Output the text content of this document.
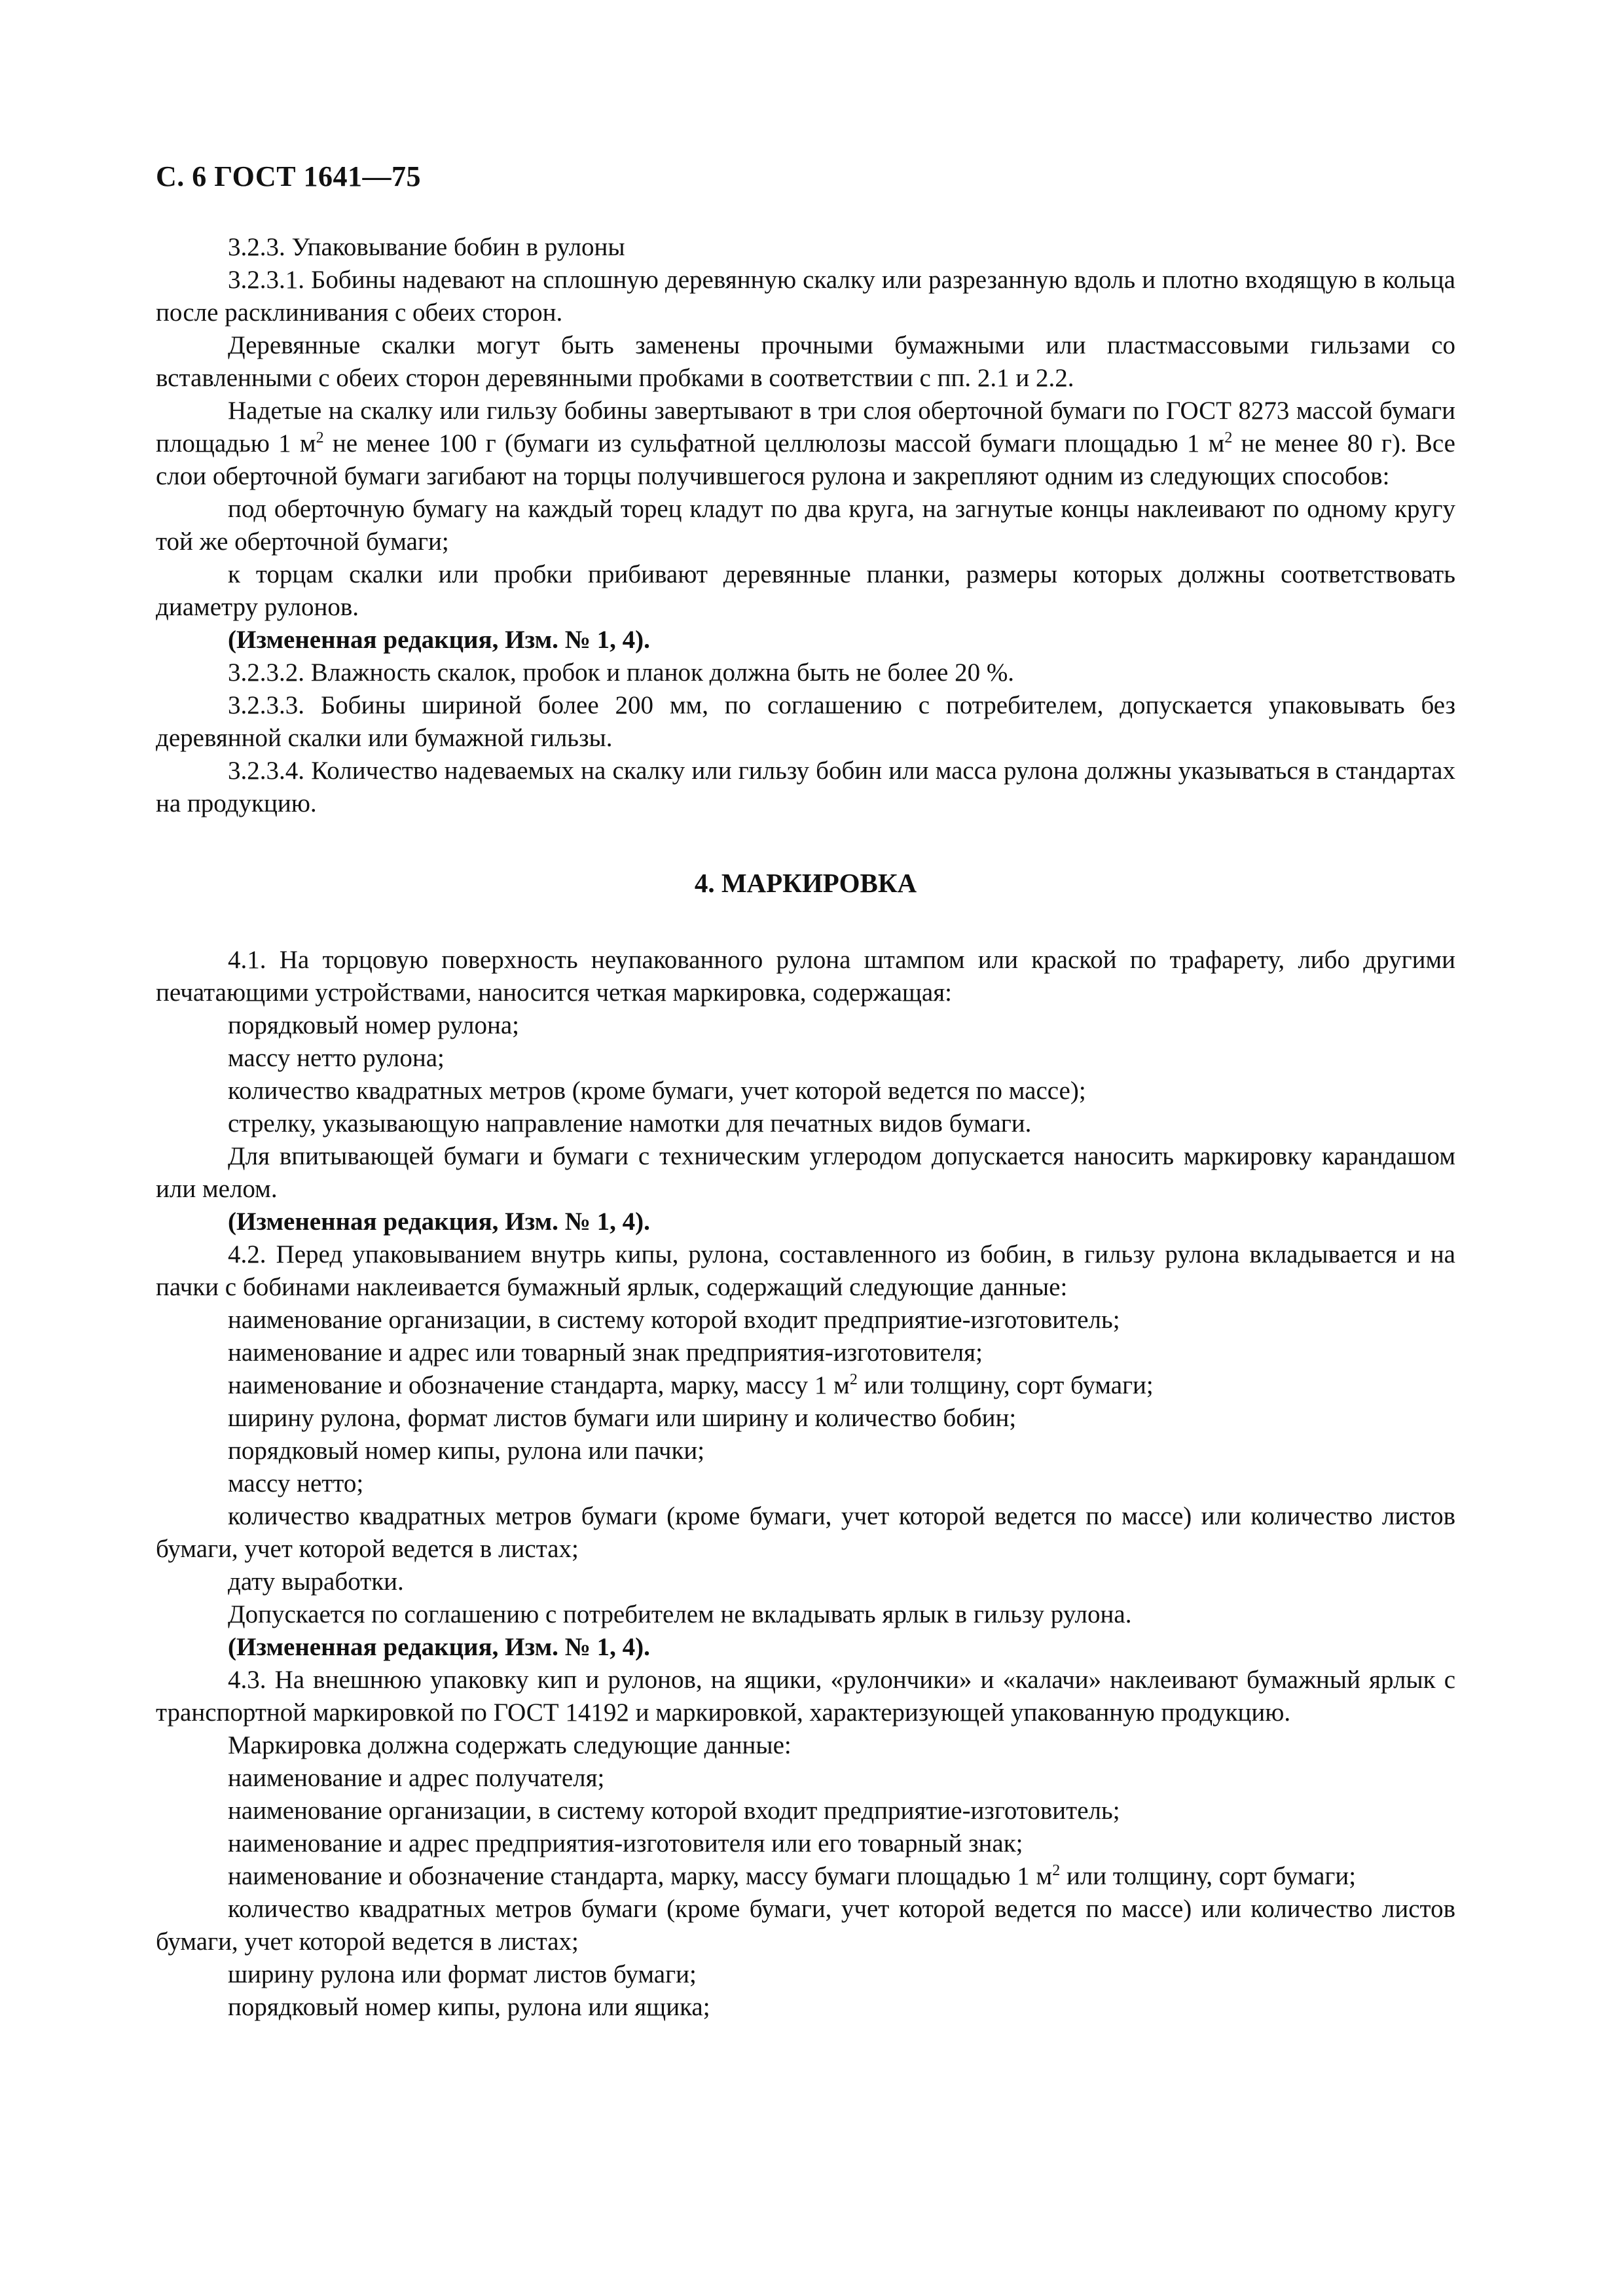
С. 6 ГОСТ 1641—75

3.2.3. Упаковывание бобин в рулоны

3.2.3.1. Бобины надевают на сплошную деревянную скалку или разрезанную вдоль и плотно входящую в кольца после расклинивания с обеих сторон.

Деревянные скалки могут быть заменены прочными бумажными или пластмассовыми гильзами со вставленными с обеих сторон деревянными пробками в соответствии с пп. 2.1 и 2.2.

Надетые на скалку или гильзу бобины завертывают в три слоя оберточной бумаги по ГОСТ 8273 массой бумаги площадью 1 $м^2$ не менее 100 г (бумаги из сульфатной целлюлозы массой бумаги площадью 1 $м^2$ не менее 80 г). Все слои оберточной бумаги загибают на торцы получившегося рулона и закрепляют одним из следующих способов:

под оберточную бумагу на каждый торец кладут по два круга, на загнутые концы наклеивают по одному кругу той же оберточной бумаги;

к торцам скалки или пробки прибивают деревянные планки, размеры которых должны соответствовать диаметру рулонов.

(Измененная редакция, Изм. № 1, 4).

3.2.3.2. Влажность скалок, пробок и планок должна быть не более 20 %.

3.2.3.3. Бобины шириной более 200 мм, по соглашению с потребителем, допускается упаковывать без деревянной скалки или бумажной гильзы.

3.2.3.4. Количество надеваемых на скалку или гильзу бобин или масса рулона должны указываться в стандартах на продукцию.

4. МАРКИРОВКА

4.1. На торцовую поверхность неупакованного рулона штампом или краской по трафарету, либо другими печатающими устройствами, наносится четкая маркировка, содержащая:

порядковый номер рулона;

массу нетто рулона;

количество квадратных метров (кроме бумаги, учет которой ведется по массе);

стрелку, указывающую направление намотки для печатных видов бумаги.

Для впитывающей бумаги и бумаги с техническим углеродом допускается наносить маркировку карандашом или мелом.

(Измененная редакция, Изм. № 1, 4).

4.2. Перед упаковыванием внутрь кипы, рулона, составленного из бобин, в гильзу рулона вкладывается и на пачки с бобинами наклеивается бумажный ярлык, содержащий следующие данные:

наименование организации, в систему которой входит предприятие-изготовитель;

наименование и адрес или товарный знак предприятия-изготовителя;

наименование и обозначение стандарта, марку, массу 1 $м^2$ или толщину, сорт бумаги;

ширину рулона, формат листов бумаги или ширину и количество бобин;

порядковый номер кипы, рулона или пачки;

массу нетто;

количество квадратных метров бумаги (кроме бумаги, учет которой ведется по массе) или количество листов бумаги, учет которой ведется в листах;

дату выработки.

Допускается по соглашению с потребителем не вкладывать ярлык в гильзу рулона.

(Измененная редакция, Изм. № 1, 4).

4.3. На внешнюю упаковку кип и рулонов, на ящики, «рулончики» и «калачи» наклеивают бумажный ярлык с транспортной маркировкой по ГОСТ 14192 и маркировкой, характеризующей упакованную продукцию.

Маркировка должна содержать следующие данные:

наименование и адрес получателя;

наименование организации, в систему которой входит предприятие-изготовитель;

наименование и адрес предприятия-изготовителя или его товарный знак;

наименование и обозначение стандарта, марку, массу бумаги площадью 1 $м^2$ или толщину, сорт бумаги;

количество квадратных метров бумаги (кроме бумаги, учет которой ведется по массе) или количество листов бумаги, учет которой ведется в листах;

ширину рулона или формат листов бумаги;

порядковый номер кипы, рулона или ящика;
